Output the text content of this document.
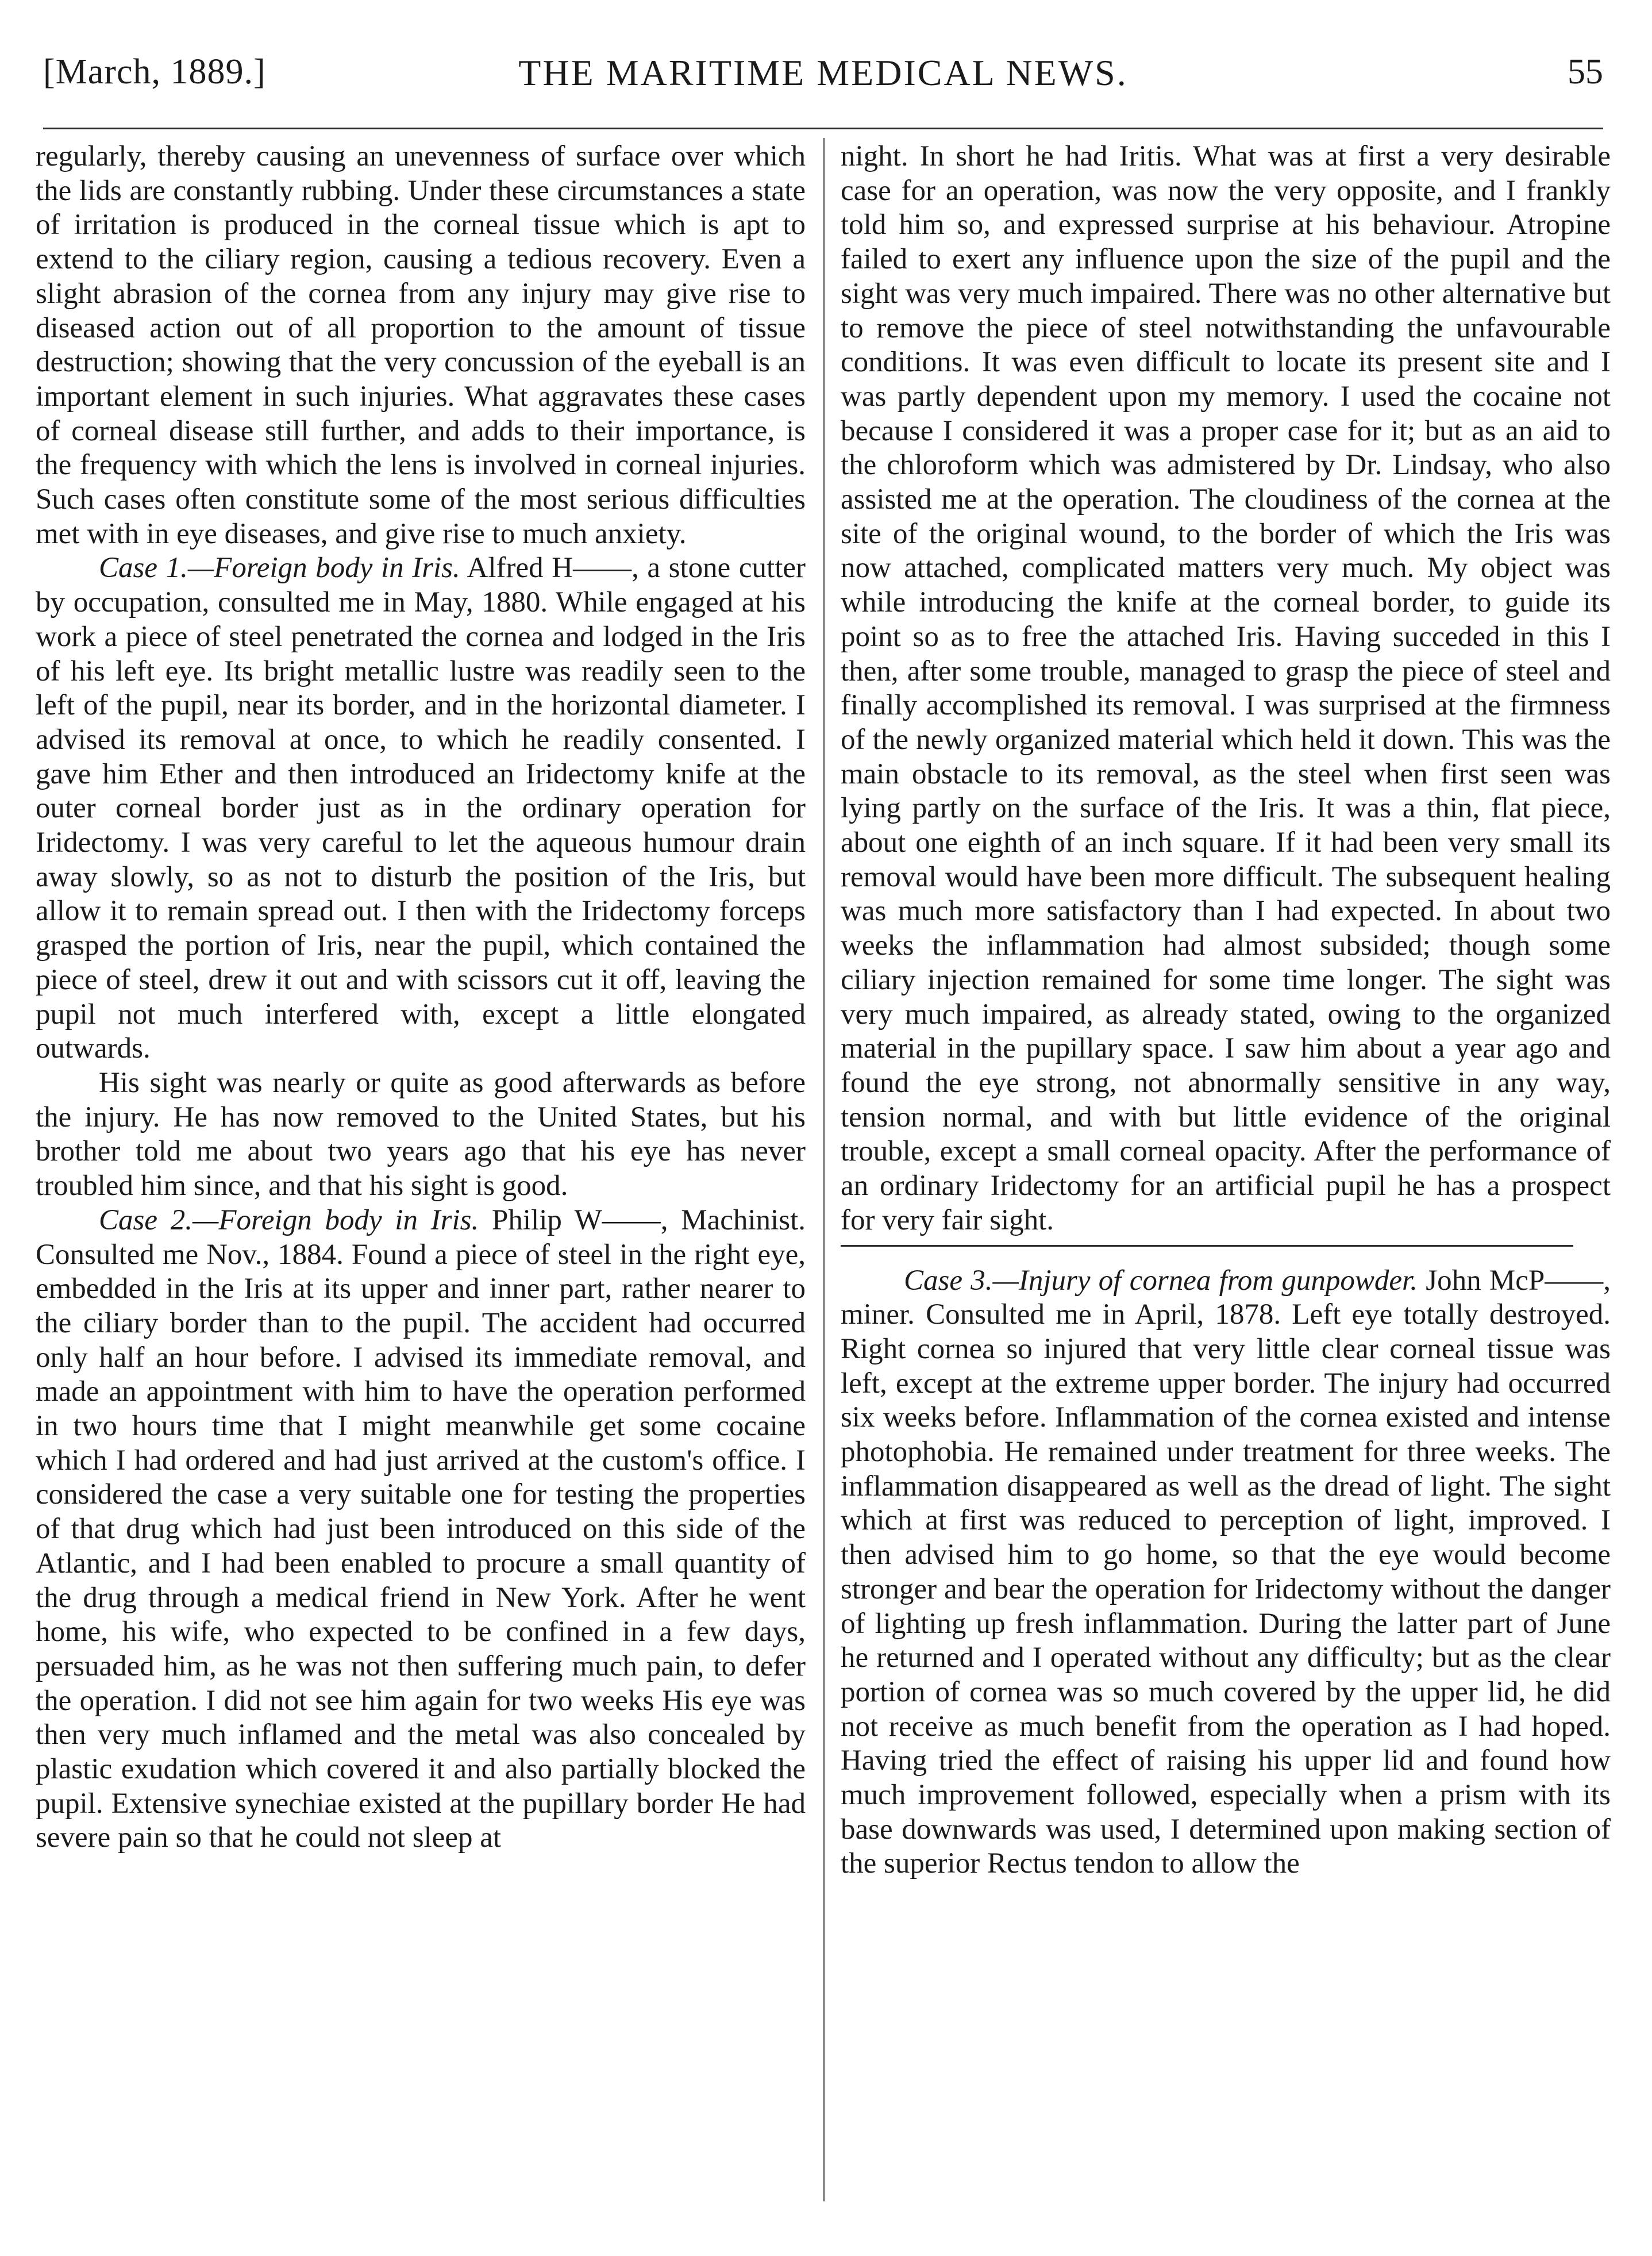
[March, 1889.]	THE MARITIME MEDICAL NEWS.	55

regularly, thereby causing an unevenness of surface over which the lids are constantly rubbing. Under these circumstances a state of irritation is produced in the corneal tissue which is apt to extend to the ciliary region, causing a tedious recovery. Even a slight abrasion of the cornea from any injury may give rise to diseased action out of all proportion to the amount of tissue destruction; showing that the very concussion of the eyeball is an important element in such injuries. What aggravates these cases of corneal disease still further, and adds to their importance, is the frequency with which the lens is involved in corneal injuries. Such cases often constitute some of the most serious difficulties met with in eye diseases, and give rise to much anxiety.

Case 1.—Foreign body in Iris. Alfred H——, a stone cutter by occupation, consulted me in May, 1880. While engaged at his work a piece of steel penetrated the cornea and lodged in the Iris of his left eye. Its bright metallic lustre was readily seen to the left of the pupil, near its border, and in the horizontal diameter. I advised its removal at once, to which he readily consented. I gave him Ether and then introduced an Iridectomy knife at the outer corneal border just as in the ordinary operation for Iridectomy. I was very careful to let the aqueous humour drain away slowly, so as not to disturb the position of the Iris, but allow it to remain spread out. I then with the Iridectomy forceps grasped the portion of Iris, near the pupil, which contained the piece of steel, drew it out and with scissors cut it off, leaving the pupil not much interfered with, except a little elongated outwards.

His sight was nearly or quite as good afterwards as before the injury. He has now removed to the United States, but his brother told me about two years ago that his eye has never troubled him since, and that his sight is good.

Case 2.—Foreign body in Iris. Philip W——, Machinist. Consulted me Nov., 1884. Found a piece of steel in the right eye, embedded in the Iris at its upper and inner part, rather nearer to the ciliary border than to the pupil. The accident had occurred only half an hour before. I advised its immediate removal, and made an appointment with him to have the operation performed in two hours time that I might meanwhile get some cocaine which I had ordered and had just arrived at the custom's office. I considered the case a very suitable one for testing the properties of that drug which had just been introduced on this side of the Atlantic, and I had been enabled to procure a small quantity of the drug through a medical friend in New York. After he went home, his wife, who expected to be confined in a few days, persuaded him, as he was not then suffering much pain, to defer the operation. I did not see him again for two weeks His eye was then very much inflamed and the metal was also concealed by plastic exudation which covered it and also partially blocked the pupil. Extensive synechiae existed at the pupillary border He had severe pain so that he could not sleep at

night. In short he had Iritis. What was at first a very desirable case for an operation, was now the very opposite, and I frankly told him so, and expressed surprise at his behaviour. Atropine failed to exert any influence upon the size of the pupil and the sight was very much impaired. There was no other alternative but to remove the piece of steel notwithstanding the unfavourable conditions. It was even difficult to locate its present site and I was partly dependent upon my memory. I used the cocaine not because I considered it was a proper case for it; but as an aid to the chloroform which was admistered by Dr. Lindsay, who also assisted me at the operation. The cloudiness of the cornea at the site of the original wound, to the border of which the Iris was now attached, complicated matters very much. My object was while introducing the knife at the corneal border, to guide its point so as to free the attached Iris. Having succeded in this I then, after some trouble, managed to grasp the piece of steel and finally accomplished its removal. I was surprised at the firmness of the newly organized material which held it down. This was the main obstacle to its removal, as the steel when first seen was lying partly on the surface of the Iris. It was a thin, flat piece, about one eighth of an inch square. If it had been very small its removal would have been more difficult. The subsequent healing was much more satisfactory than I had expected. In about two weeks the inflammation had almost subsided; though some ciliary injection remained for some time longer. The sight was very much impaired, as already stated, owing to the organized material in the pupillary space. I saw him about a year ago and found the eye strong, not abnormally sensitive in any way, tension normal, and with but little evidence of the original trouble, except a small corneal opacity. After the performance of an ordinary Iridectomy for an artificial pupil he has a prospect for very fair sight.

Case 3.—Injury of cornea from gunpowder. John McP——, miner. Consulted me in April, 1878. Left eye totally destroyed. Right cornea so injured that very little clear corneal tissue was left, except at the extreme upper border. The injury had occurred six weeks before. Inflammation of the cornea existed and intense photophobia. He remained under treatment for three weeks. The inflammation disappeared as well as the dread of light. The sight which at first was reduced to perception of light, improved. I then advised him to go home, so that the eye would become stronger and bear the operation for Iridectomy without the danger of lighting up fresh inflammation. During the latter part of June he returned and I operated without any difficulty; but as the clear portion of cornea was so much covered by the upper lid, he did not receive as much benefit from the operation as I had hoped. Having tried the effect of raising his upper lid and found how much improvement followed, especially when a prism with its base downwards was used, I determined upon making section of the superior Rectus tendon to allow the
